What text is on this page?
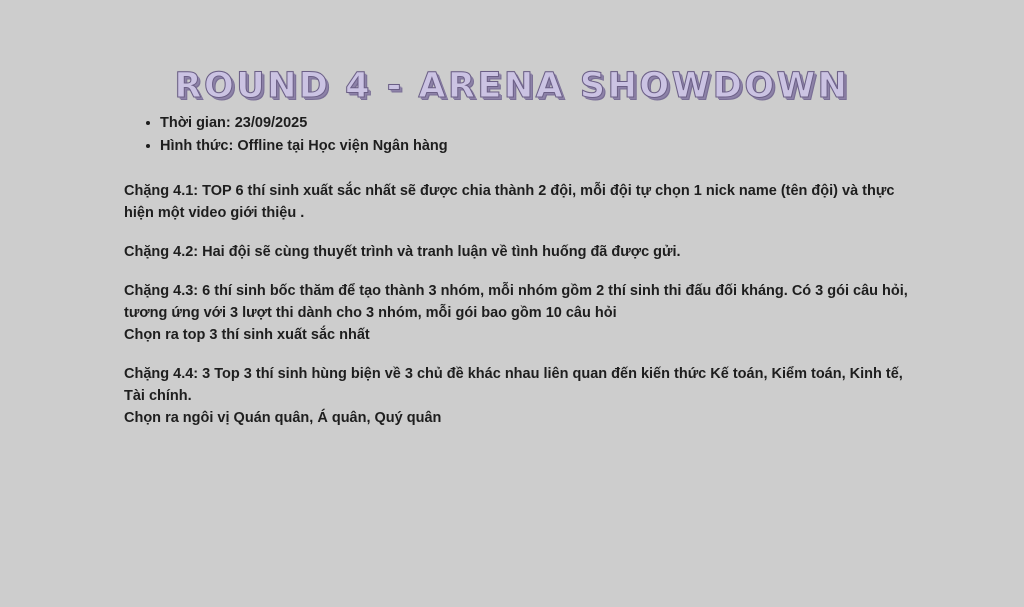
ROUND 4 - ARENA SHOWDOWN
Thời gian: 23/09/2025
Hình thức: Offline tại Học viện Ngân hàng

Chặng 4.1: TOP 6 thí sinh xuất sắc nhất sẽ được chia thành 2 đội, mỗi đội tự chọn 1 nick name (tên đội) và thực hiện một video giới thiệu .

Chặng 4.2: Hai đội sẽ cùng thuyết trình và tranh luận về tình huống đã được gửi.

Chặng 4.3: 6 thí sinh bốc thăm để tạo thành 3 nhóm, mỗi nhóm gồm 2 thí sinh thi đấu đối kháng. Có 3 gói câu hỏi, tương ứng với 3 lượt thi dành cho 3 nhóm, mỗi gói bao gồm 10 câu hỏi
Chọn ra top 3 thí sinh xuất sắc nhất

Chặng 4.4: 3 Top 3 thí sinh hùng biện về 3 chủ đề khác nhau liên quan đến kiến thức Kế toán, Kiểm toán, Kinh tế, Tài chính.
Chọn ra ngôi vị Quán quân, Á quân, Quý quân
